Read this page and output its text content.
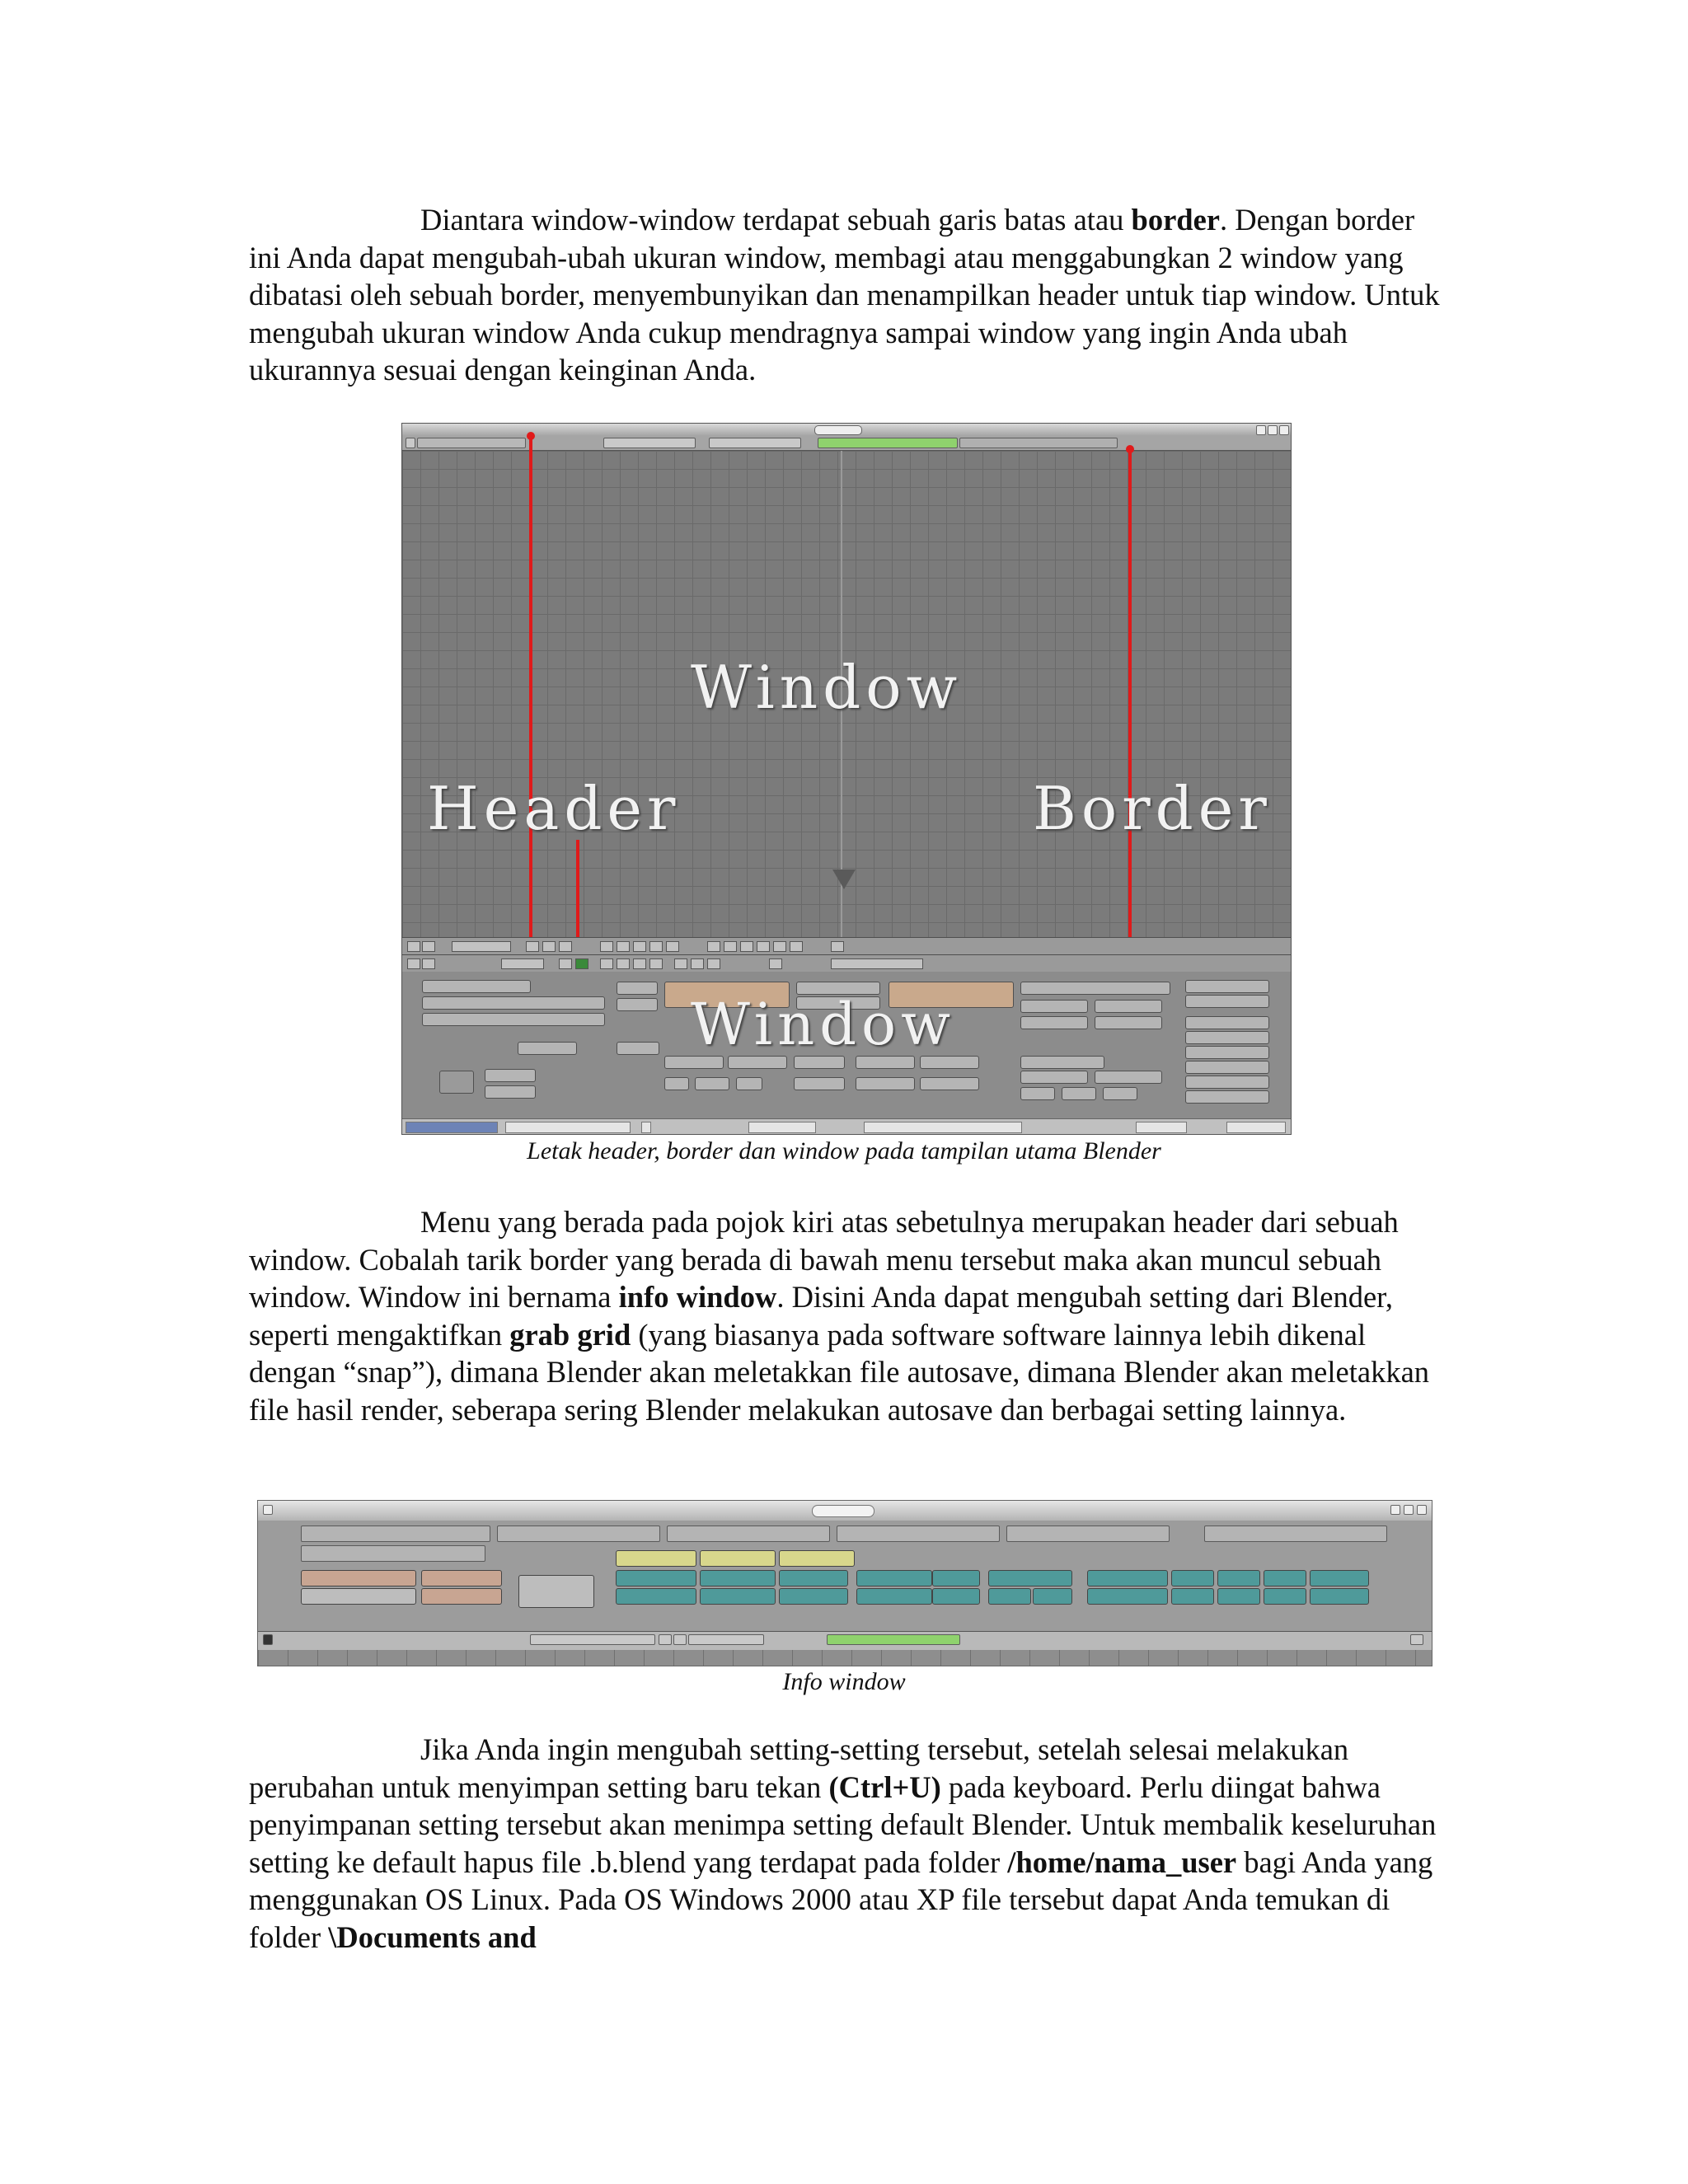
Diantara window-window terdapat sebuah garis batas atau border. Dengan border ini Anda dapat mengubah-ubah ukuran window, membagi atau menggabungkan 2 window yang dibatasi oleh sebuah border, menyembunyikan dan menampilkan header untuk tiap window. Untuk mengubah ukuran window Anda cukup mendragnya sampai window yang ingin Anda ubah ukurannya sesuai dengan keinginan Anda.

Window
Header	Border
Window
Letak header, border dan window pada tampilan utama Blender

Menu yang berada pada pojok kiri atas sebetulnya merupakan header dari sebuah window. Cobalah tarik border yang berada di bawah menu tersebut maka akan muncul sebuah window. Window ini bernama info window. Disini Anda dapat mengubah setting dari Blender, seperti mengaktifkan grab grid (yang biasanya pada software software lainnya lebih dikenal dengan “snap”), dimana Blender akan meletakkan file autosave, dimana Blender akan meletakkan file hasil render, seberapa sering Blender melakukan autosave dan berbagai setting lainnya.

Info window

Jika Anda ingin mengubah setting-setting tersebut, setelah selesai melakukan perubahan untuk menyimpan setting baru tekan (Ctrl+U) pada keyboard. Perlu diingat bahwa penyimpanan setting tersebut akan menimpa setting default Blender. Untuk membalik keseluruhan setting ke default hapus file .b.blend yang terdapat pada folder /home/nama_user bagi Anda yang menggunakan OS Linux. Pada OS Windows 2000 atau XP file tersebut dapat Anda temukan di folder \Documents and
